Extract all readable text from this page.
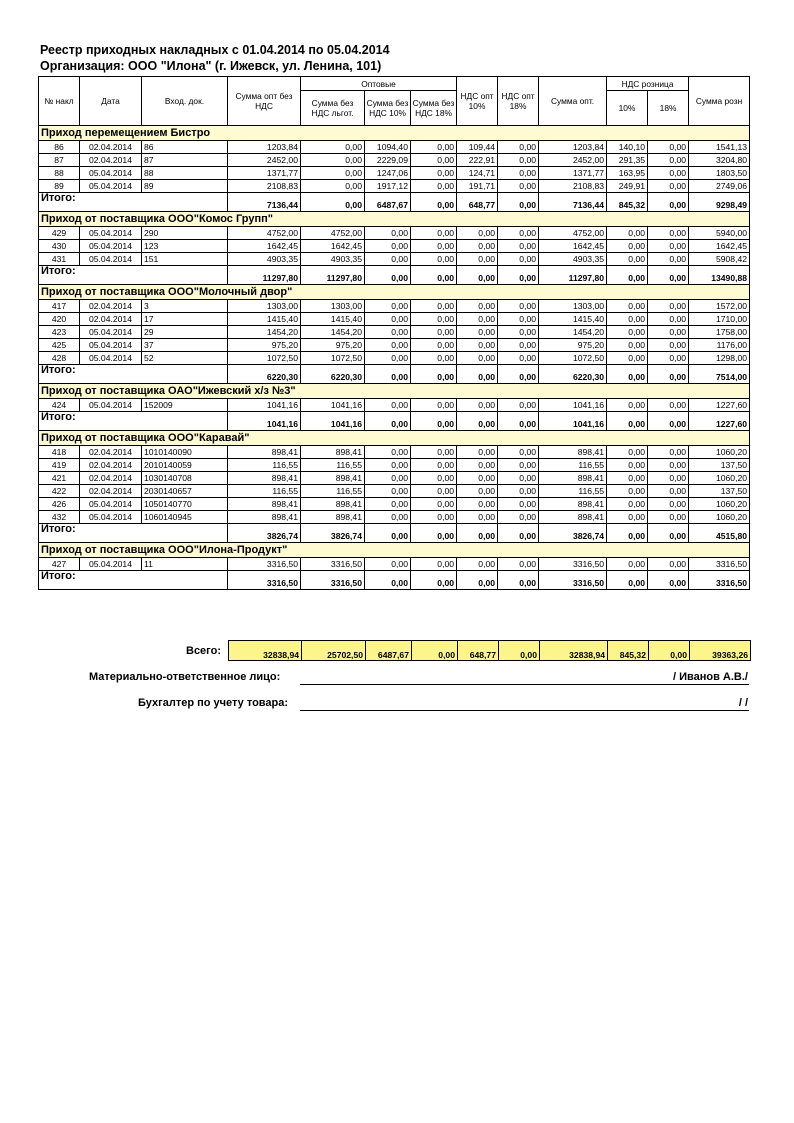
Реестр приходных накладных с 01.04.2014 по 05.04.2014
Организация: ООО "Илона" (г. Ижевск, ул. Ленина, 101)
№ накл	Дата	Вход. док.	Сумма опт без НДС	Оптовые			НДС опт 10%	НДС опт 18%	Сумма опт.	НДС розница		Сумма розн
				Сумма без НДС льгот.	Сумма без НДС 10%	Сумма без НДС 18%				10%	18%	
Приход перемещением Бистро												
86	02.04.2014	86	1203,84	0,00	1094,40	0,00	109,44	0,00	1203,84	140,10	0,00	1541,13
87	02.04.2014	87	2452,00	0,00	2229,09	0,00	222,91	0,00	2452,00	291,35	0,00	3204,80
88	05.04.2014	88	1371,77	0,00	1247,06	0,00	124,71	0,00	1371,77	163,95	0,00	1803,50
89	05.04.2014	89	2108,83	0,00	1917,12	0,00	191,71	0,00	2108,83	249,91	0,00	2749,06
Итого:			7136,44	0,00	6487,67	0,00	648,77	0,00	7136,44	845,32	0,00	9298,49
Приход от поставщика ООО"Комос Групп"												
429	05.04.2014	290	4752,00	4752,00	0,00	0,00	0,00	0,00	4752,00	0,00	0,00	5940,00
430	05.04.2014	123	1642,45	1642,45	0,00	0,00	0,00	0,00	1642,45	0,00	0,00	1642,45
431	05.04.2014	151	4903,35	4903,35	0,00	0,00	0,00	0,00	4903,35	0,00	0,00	5908,42
Итого:			11297,80	11297,80	0,00	0,00	0,00	0,00	11297,80	0,00	0,00	13490,88
Приход от поставщика ООО"Молочный двор"												
417	02.04.2014	3	1303,00	1303,00	0,00	0,00	0,00	0,00	1303,00	0,00	0,00	1572,00
420	02.04.2014	17	1415,40	1415,40	0,00	0,00	0,00	0,00	1415,40	0,00	0,00	1710,00
423	05.04.2014	29	1454,20	1454,20	0,00	0,00	0,00	0,00	1454,20	0,00	0,00	1758,00
425	05.04.2014	37	975,20	975,20	0,00	0,00	0,00	0,00	975,20	0,00	0,00	1176,00
428	05.04.2014	52	1072,50	1072,50	0,00	0,00	0,00	0,00	1072,50	0,00	0,00	1298,00
Итого:			6220,30	6220,30	0,00	0,00	0,00	0,00	6220,30	0,00	0,00	7514,00
Приход от поставщика ОАО"Ижевский х/з №3"												
424	05.04.2014	152009	1041,16	1041,16	0,00	0,00	0,00	0,00	1041,16	0,00	0,00	1227,60
Итого:			1041,16	1041,16	0,00	0,00	0,00	0,00	1041,16	0,00	0,00	1227,60
Приход от поставщика ООО"Каравай"												
418	02.04.2014	1010140090	898,41	898,41	0,00	0,00	0,00	0,00	898,41	0,00	0,00	1060,20
419	02.04.2014	2010140059	116,55	116,55	0,00	0,00	0,00	0,00	116,55	0,00	0,00	137,50
421	02.04.2014	1030140708	898,41	898,41	0,00	0,00	0,00	0,00	898,41	0,00	0,00	1060,20
422	02.04.2014	2030140657	116,55	116,55	0,00	0,00	0,00	0,00	116,55	0,00	0,00	137,50
426	05.04.2014	1050140770	898,41	898,41	0,00	0,00	0,00	0,00	898,41	0,00	0,00	1060,20
432	05.04.2014	1060140945	898,41	898,41	0,00	0,00	0,00	0,00	898,41	0,00	0,00	1060,20
Итого:			3826,74	3826,74	0,00	0,00	0,00	0,00	3826,74	0,00	0,00	4515,80
Приход от поставщика ООО"Илона-Продукт"												
427	05.04.2014	11	3316,50	3316,50	0,00	0,00	0,00	0,00	3316,50	0,00	0,00	3316,50
Итого:			3316,50	3316,50	0,00	0,00	0,00	0,00	3316,50	0,00	0,00	3316,50
Всего:	32838,94	25702,50	6487,67	0,00	648,77	0,00	32838,94	845,32	0,00	39363,26
Материально-ответственное лицо:	/ Иванов А.В./
Бухгалтер по учету товара:	/ /
